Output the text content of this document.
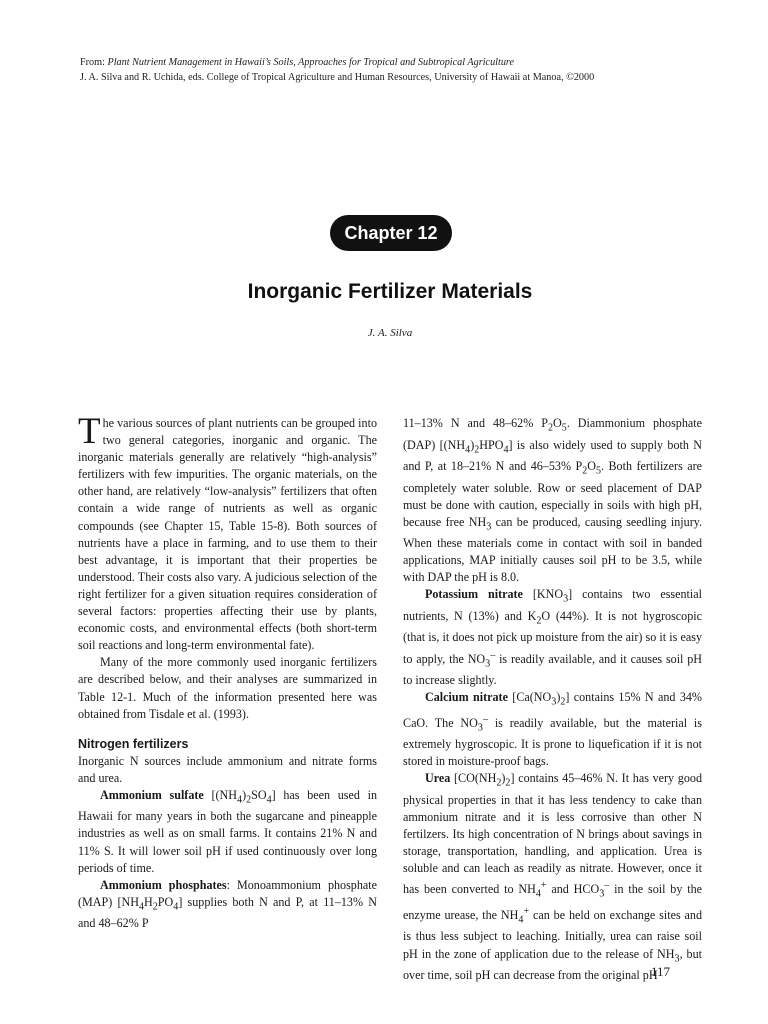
From: Plant Nutrient Management in Hawaii’s Soils, Approaches for Tropical and Subtropical Agriculture
J. A. Silva and R. Uchida, eds. College of Tropical Agriculture and Human Resources, University of Hawaii at Manoa, ©2000
Chapter 12
Inorganic Fertilizer Materials
J. A. Silva

The various sources of plant nutrients can be grouped into two general categories, inorganic and organic. The inorganic materials generally are relatively “high-analysis” fertilizers with few impurities. The organic materials, on the other hand, are relatively “low-analysis” fertilizers that often contain a wide range of nutrients as well as organic compounds (see Chapter 15, Table 15-8). Both sources of nutrients have a place in farming, and to use them to their best advantage, it is important that their properties be understood. Their costs also vary. A judicious selection of the right fertilizer for a given situation requires consideration of several factors: properties affecting their use by plants, economic costs, and environmental effects (both short-term soil reactions and long-term environmental fate).

Many of the more commonly used inorganic fertilizers are described below, and their analyses are summarized in Table 12-1. Much of the information presented here was obtained from Tisdale et al. (1993).

Nitrogen fertilizers

Inorganic N sources include ammonium and nitrate forms and urea.

Ammonium sulfate $[(NH_4)_2SO_4]$ has been used in Hawaii for many years in both the sugarcane and pineapple industries as well as on small farms. It contains 21% N and 11% S. It will lower soil pH if used continuously over long periods of time.

Ammonium phosphates: Monoammonium phosphate (MAP) $[NH_4H_2PO_4]$ supplies both N and P, at 11–13% N and 48–62% P

11–13% N and 48–62% $P_2O_5$. Diammonium phosphate (DAP) $[(NH_4)_2HPO_4]$ is also widely used to supply both N and P, at 18–21% N and 46–53% $P_2O_5$. Both fertilizers are completely water soluble. Row or seed placement of DAP must be done with caution, especially in soils with high pH, because free $NH_3$ can be produced, causing seedling injury. When these materials come in contact with soil in banded applications, MAP initially causes soil pH to be 3.5, while with DAP the pH is 8.0.

Potassium nitrate $[KNO_3]$ contains two essential nutrients, N (13%) and $K_2O$ (44%). It is not hygroscopic (that is, it does not pick up moisture from the air) so it is easy to apply, the $NO_3^-$ is readily available, and it causes soil pH to increase slightly.

Calcium nitrate $[Ca(NO_3)_2]$ contains 15% N and 34% CaO. The $NO_3^-$ is readily available, but the material is extremely hygroscopic. It is prone to liquefication if it is not stored in moisture-proof bags.

Urea $[CO(NH_2)_2]$ contains 45–46% N. It has very good physical properties in that it has less tendency to cake than ammonium nitrate and it is less corrosive than other N fertilzers. Its high concentration of N brings about savings in storage, transportation, handling, and application. Urea is soluble and can leach as readily as nitrate. However, once it has been converted to $NH_4^+$ and $HCO_3^-$ in the soil by the enzyme urease, the $NH_4^+$ can be held on exchange sites and is thus less subject to leaching. Initially, urea can raise soil pH in the zone of application due to the release of $NH_3$, but over time, soil pH can decrease from the original pH

117
